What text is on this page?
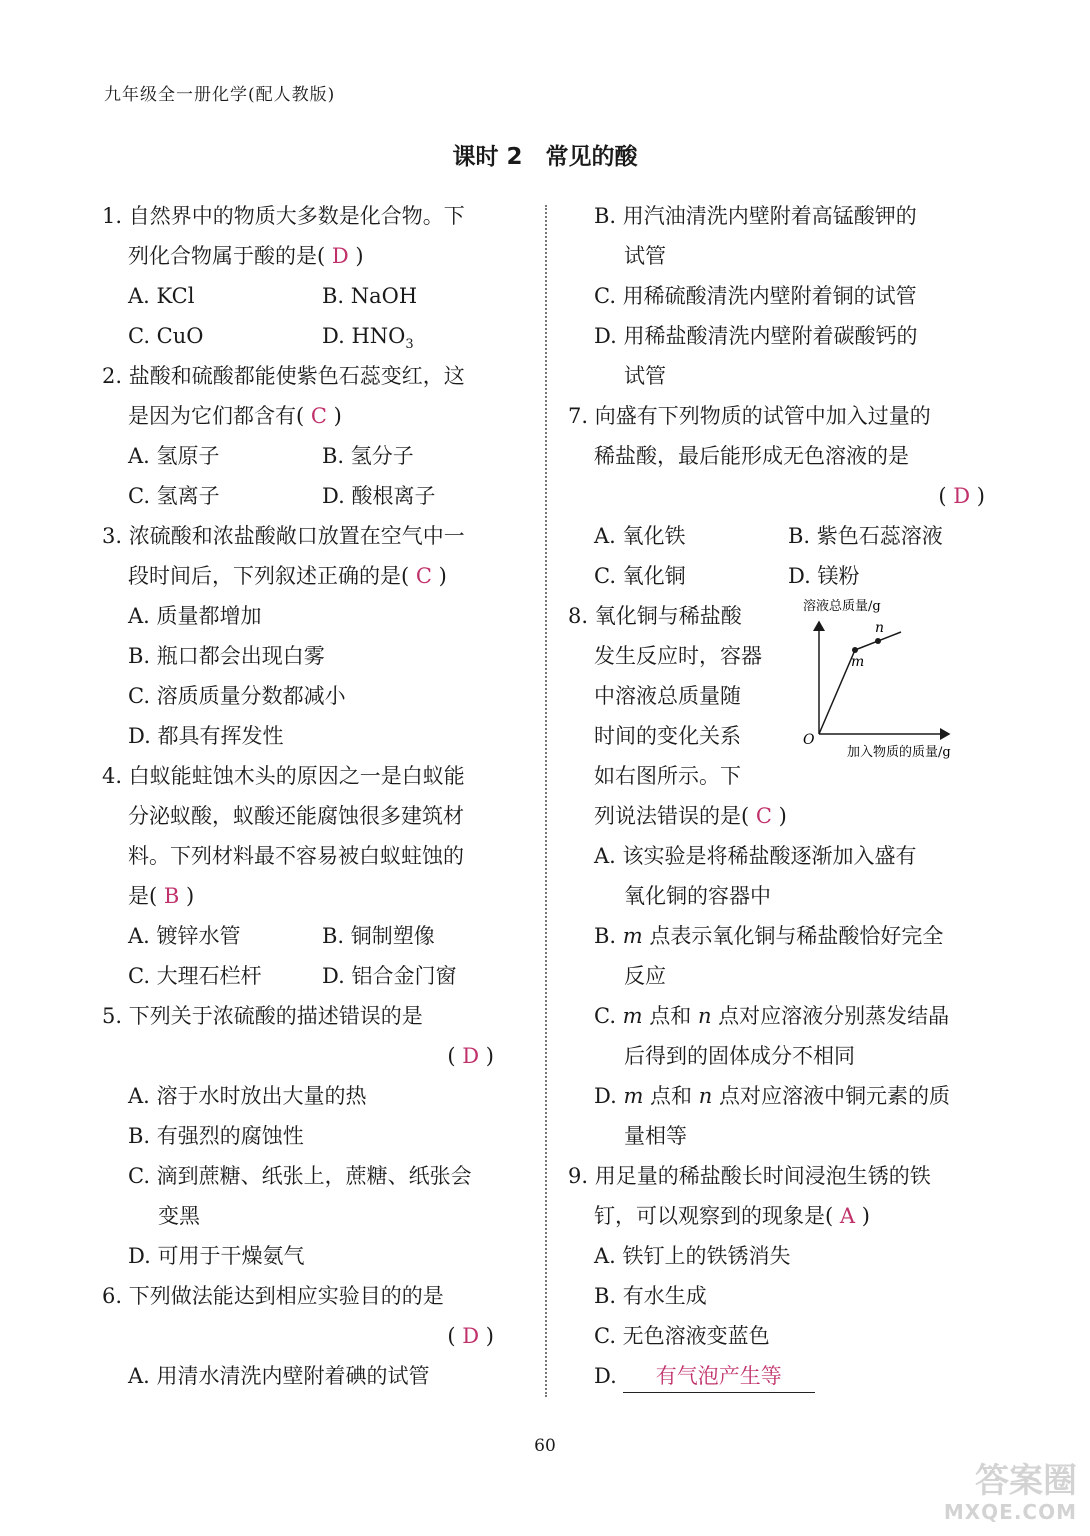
九年级全一册化学(配人教版)
课时 2　常见的酸
1. 自然界中的物质大多数是化合物。下
列化合物属于酸的是( D )
A. KCl	B. NaOH
C. CuO	D. $HNO_3$
2. 盐酸和硫酸都能使紫色石蕊变红，这
是因为它们都含有( C )
A. 氢原子	B. 氢分子
C. 氢离子	D. 酸根离子
3. 浓硫酸和浓盐酸敞口放置在空气中一
段时间后，下列叙述正确的是( C )
A. 质量都增加
B. 瓶口都会出现白雾
C. 溶质质量分数都减小
D. 都具有挥发性
4. 白蚁能蛀蚀木头的原因之一是白蚁能
分泌蚁酸，蚁酸还能腐蚀很多建筑材
料。下列材料最不容易被白蚁蛀蚀的
是( B )
A. 镀锌水管	B. 铜制塑像
C. 大理石栏杆	D. 铝合金门窗
5. 下列关于浓硫酸的描述错误的是
( D )
A. 溶于水时放出大量的热
B. 有强烈的腐蚀性
C. 滴到蔗糖、纸张上，蔗糖、纸张会
变黑
D. 可用于干燥氨气
6. 下列做法能达到相应实验目的的是
( D )
A. 用清水清洗内壁附着碘的试管
B. 用汽油清洗内壁附着高锰酸钾的
试管
C. 用稀硫酸清洗内壁附着铜的试管
D. 用稀盐酸清洗内壁附着碳酸钙的
试管
7. 向盛有下列物质的试管中加入过量的
稀盐酸，最后能形成无色溶液的是
( D )
A. 氧化铁	B. 紫色石蕊溶液
C. 氧化铜	D. 镁粉
8. 氧化铜与稀盐酸
发生反应时，容器
中溶液总质量随
时间的变化关系
如右图所示。下
列说法错误的是( C )
溶液总质量/g
加入物质的质量/g
O
m
n
A. 该实验是将稀盐酸逐渐加入盛有
氧化铜的容器中
B. m 点表示氧化铜与稀盐酸恰好完全
反应
C. m 点和 n 点对应溶液分别蒸发结晶
后得到的固体成分不相同
D. m 点和 n 点对应溶液中铜元素的质
量相等
9. 用足量的稀盐酸长时间浸泡生锈的铁
钉，可以观察到的现象是( A )
A. 铁钉上的铁锈消失
B. 有水生成
C. 无色溶液变蓝色
D. 有气泡产生等
60
答案圈
MXQE.COM
